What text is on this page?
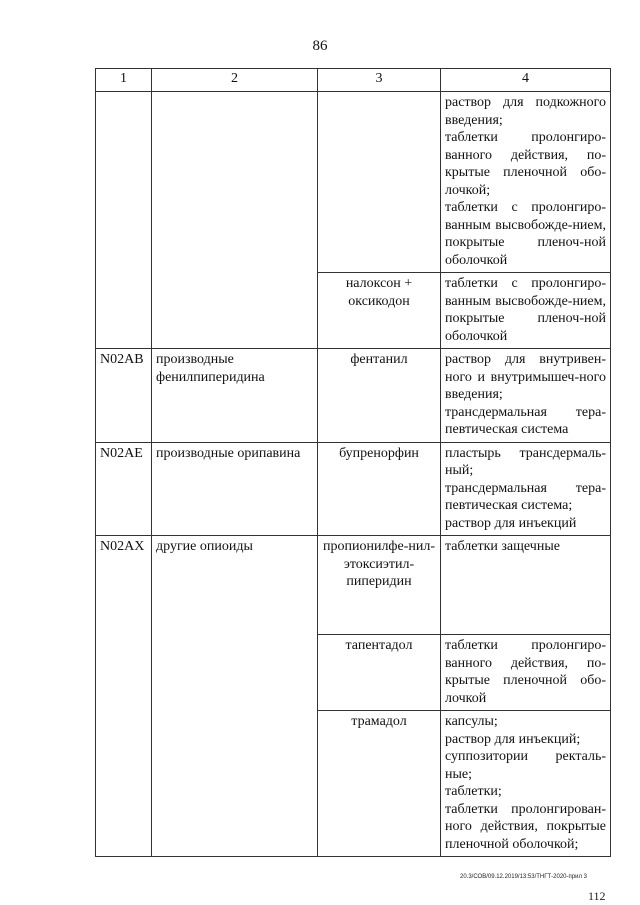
86
1	2	3	4

			раствор для подкожного введения;
таблетки пролонгиро-ванного действия, по-крытые пленочной обо-лочкой;
таблетки с пролонгиро-ванным высвобожде-нием, покрытые пленоч-ной оболочкой

		налоксон + оксикодон	таблетки с пролонгиро-ванным высвобожде-нием, покрытые пленоч-ной оболочкой

N02AB	производные фенилпиперидина	фентанил	раствор для внутривен-ного и внутримышеч-ного введения;
трансдермальная тера-певтическая система

N02AE	производные орипавина	бупренорфин	пластырь трансдермаль-ный;
трансдермальная тера-певтическая система;
раствор для инъекций

N02AX	другие опиоиды	пропионилфе-нил-этоксиэтил-пиперидин	таблетки защечные

		тапентадол	таблетки пролонгиро-ванного действия, по-крытые пленочной обо-лочкой

		трамадол	капсулы;
раствор для инъекций;
суппозитории ректаль-ные;
таблетки;
таблетки пролонгирован-ного действия, покрытые пленочной оболочкой;
20.3/СОВ/09.12.2019/13:53/ТНГТ-2020-прил 3
112
